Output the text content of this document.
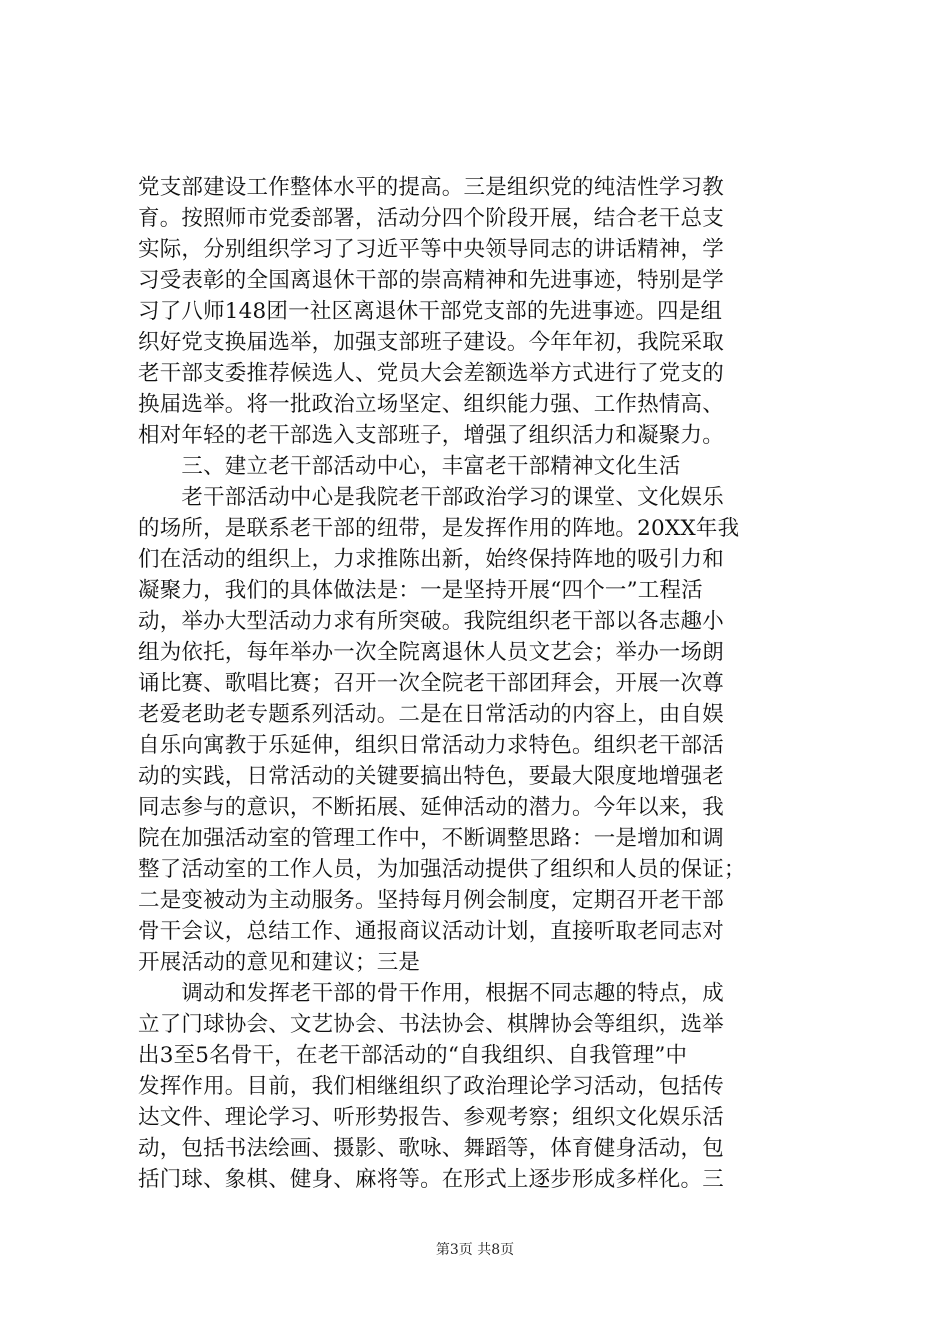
党支部建设工作整体水平的提高。三是组织党的纯洁性学习教
育。按照师市党委部署，活动分四个阶段开展，结合老干总支
实际，分别组织学习了习近平等中央领导同志的讲话精神，学
习受表彰的全国离退休干部的崇高精神和先进事迹，特别是学
习了八师148团一社区离退休干部党支部的先进事迹。四是组
织好党支换届选举，加强支部班子建设。今年年初，我院采取
老干部支委推荐候选人、党员大会差额选举方式进行了党支的
换届选举。将一批政治立场坚定、组织能力强、工作热情高、
相对年轻的老干部选入支部班子，增强了组织活力和凝聚力。
　　三、建立老干部活动中心，丰富老干部精神文化生活
　　老干部活动中心是我院老干部政治学习的课堂、文化娱乐
的场所，是联系老干部的纽带，是发挥作用的阵地。20XX年我
们在活动的组织上，力求推陈出新，始终保持阵地的吸引力和
凝聚力，我们的具体做法是：一是坚持开展“四个一”工程活
动，举办大型活动力求有所突破。我院组织老干部以各志趣小
组为依托，每年举办一次全院离退休人员文艺会；举办一场朗
诵比赛、歌唱比赛；召开一次全院老干部团拜会，开展一次尊
老爱老助老专题系列活动。二是在日常活动的内容上，由自娱
自乐向寓教于乐延伸，组织日常活动力求特色。组织老干部活
动的实践，日常活动的关键要搞出特色，要最大限度地增强老
同志参与的意识，不断拓展、延伸活动的潜力。今年以来，我
院在加强活动室的管理工作中，不断调整思路：一是增加和调
整了活动室的工作人员，为加强活动提供了组织和人员的保证；
二是变被动为主动服务。坚持每月例会制度，定期召开老干部
骨干会议，总结工作、通报商议活动计划，直接听取老同志对
开展活动的意见和建议；三是
　　调动和发挥老干部的骨干作用，根据不同志趣的特点，成
立了门球协会、文艺协会、书法协会、棋牌协会等组织，选举
出3至5名骨干，在老干部活动的“自我组织、自我管理”中
发挥作用。目前，我们相继组织了政治理论学习活动，包括传
达文件、理论学习、听形势报告、参观考察；组织文化娱乐活
动，包括书法绘画、摄影、歌咏、舞蹈等，体育健身活动，包
括门球、象棋、健身、麻将等。在形式上逐步形成多样化。三
第3页 共8页
